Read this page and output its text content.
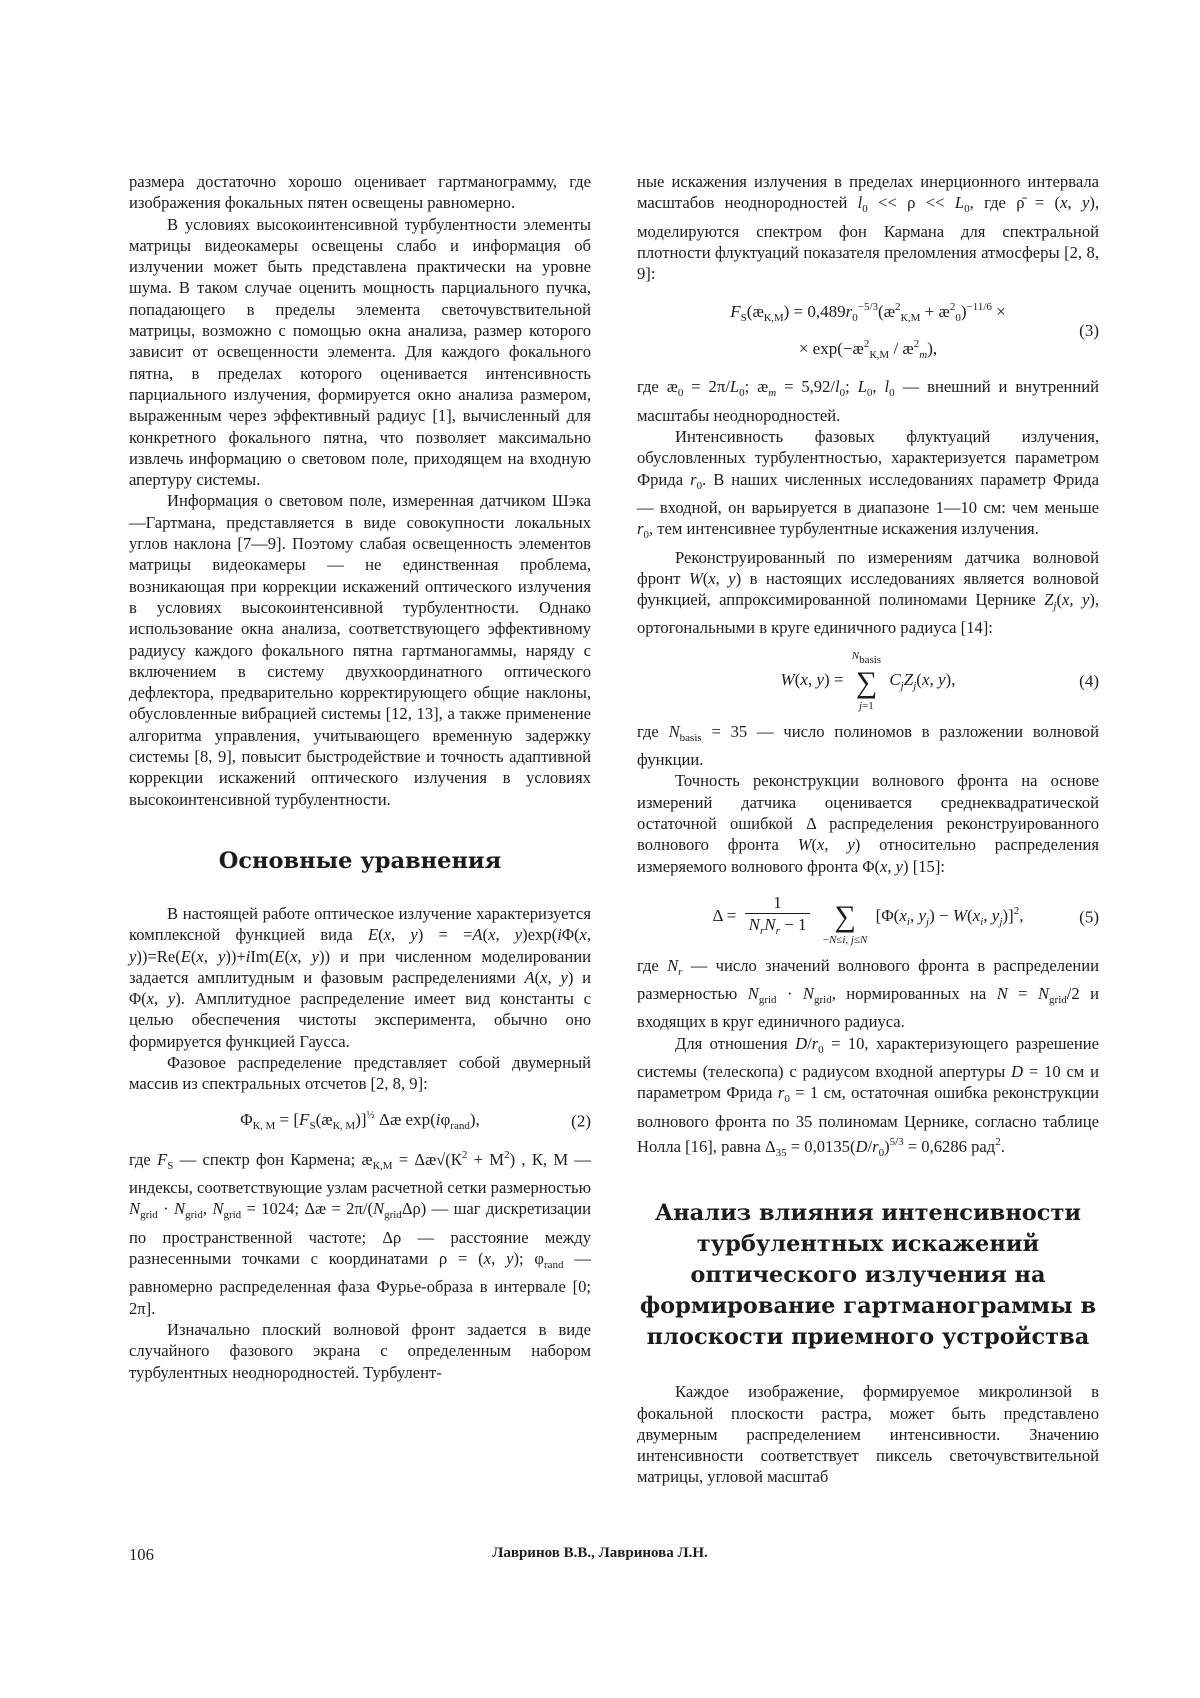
размера достаточно хорошо оценивает гартманограмму, где изображения фокальных пятен освещены равномерно.

В условиях высокоинтенсивной турбулентности элементы матрицы видеокамеры освещены слабо и информация об излучении может быть представлена практически на уровне шума. В таком случае оценить мощность парциального пучка, попадающего в пределы элемента светочувствительной матрицы, возможно с помощью окна анализа, размер которого зависит от освещенности элемента. Для каждого фокального пятна, в пределах которого оценивается интенсивность парциального излучения, формируется окно анализа размером, выраженным через эффективный радиус [1], вычисленный для конкретного фокального пятна, что позволяет максимально извлечь информацию о световом поле, приходящем на входную апертуру системы.

Информация о световом поле, измеренная датчиком Шэка—Гартмана, представляется в виде совокупности локальных углов наклона [7—9]. Поэтому слабая освещенность элементов матрицы видеокамеры — не единственная проблема, возникающая при коррекции искажений оптического излучения в условиях высокоинтенсивной турбулентности. Однако использование окна анализа, соответствующего эффективному радиусу каждого фокального пятна гартманогаммы, наряду с включением в систему двухкоординатного оптического дефлектора, предварительно корректирующего общие наклоны, обусловленные вибрацией системы [12, 13], а также применение алгоритма управления, учитывающего временную задержку системы [8, 9], повысит быстродействие и точность адаптивной коррекции искажений оптического излучения в условиях высокоинтенсивной турбулентности.

Основные уравнения

В настоящей работе оптическое излучение характеризуется комплексной функцией вида E(x, y) = =A(x, y)exp(iΦ(x, y))=Re(E(x, y))+iIm(E(x, y)) и при численном моделировании задается амплитудным и фазовым распределениями A(x, y) и Φ(x, y). Амплитудное распределение имеет вид константы с целью обеспечения чистоты эксперимента, обычно оно формируется функцией Гаусса.

Фазовое распределение представляет собой двумерный массив из спектральных отсчетов [2, 8, 9]:

ΦК, М = [FS(æК, М)]½ Δæ exp(iφrand),	(2)

где FS — спектр фон Кармена; æК,М = Δæ√(К2 + М2) , К, М — индексы, соответствующие узлам расчетной сетки размерностью Ngrid · Ngrid, Ngrid = 1024; Δæ = 2π/(NgridΔρ) — шаг дискретизации по пространственной частоте; Δρ — расстояние между разнесенными точками с координатами ρ = (x, y); φrand — равномерно распределенная фаза Фурье-образа в интервале [0; 2π].

Изначально плоский волновой фронт задается в виде случайного фазового экрана с определенным набором турбулентных неоднородностей. Турбулент-

ные искажения излучения в пределах инерционного интервала масштабов неоднородностей l0 << ρ << L0, где ρ̄ = (x, y), моделируются спектром фон Кармана для спектральной плотности флуктуаций показателя преломления атмосферы [2, 8, 9]:

FS(æК,М) = 0,489r0−5/3(æ2К,М + æ20)−11/6 ×
× exp(−æ2К,М / æ2m),
(3)

где æ0 = 2π/L0; æm = 5,92/l0; L0, l0 — внешний и внутренний масштабы неоднородностей.

Интенсивность фазовых флуктуаций излучения, обусловленных турбулентностью, характеризуется параметром Фрида r0. В наших численных исследованиях параметр Фрида — входной, он варьируется в диапазоне 1—10 см: чем меньше r0, тем интенсивнее турбулентные искажения излучения.

Реконструированный по измерениям датчика волновой фронт W(x, y) в настоящих исследованиях является волновой функцией, аппроксимированной полиномами Цернике Zj(x, y), ортогональными в круге единичного радиуса [14]:

W(x, y) =
Nbasis
∑
j=1
CjZj(x, y),	(4)

где Nbasis = 35 — число полиномов в разложении волновой функции.

Точность реконструкции волнового фронта на основе измерений датчика оценивается среднеквадратической остаточной ошибкой Δ распределения реконструированного волнового фронта W(x, y) относительно распределения измеряемого волнового фронта Φ(x, y) [15]:

Δ =
1
NrNr − 1

∑
−N≤i, j≤N
[Φ(xi, yj) − W(xi, yj)]2,	(5)

где Nr — число значений волнового фронта в распределении размерностью Ngrid · Ngrid, нормированных на N = Ngrid/2 и входящих в круг единичного радиуса.

Для отношения D/r0 = 10, характеризующего разрешение системы (телескопа) с радиусом входной апертуры D = 10 см и параметром Фрида r0 = 1 см, остаточная ошибка реконструкции волнового фронта по 35 полиномам Цернике, согласно таблице Нолла [16], равна Δ35 = 0,0135(D/r0)5/3 = 0,6286 рад2.

Анализ влияния интенсивности турбулентных искажений оптического излучения на формирование гартманограммы в плоскости приемного устройства

Каждое изображение, формируемое микролинзой в фокальной плоскости растра, может быть представлено двумерным распределением интенсивности. Значению интенсивности соответствует пиксель светочувствительной матрицы, угловой масштаб

106	Лавринов В.В., Лавринова Л.Н.
